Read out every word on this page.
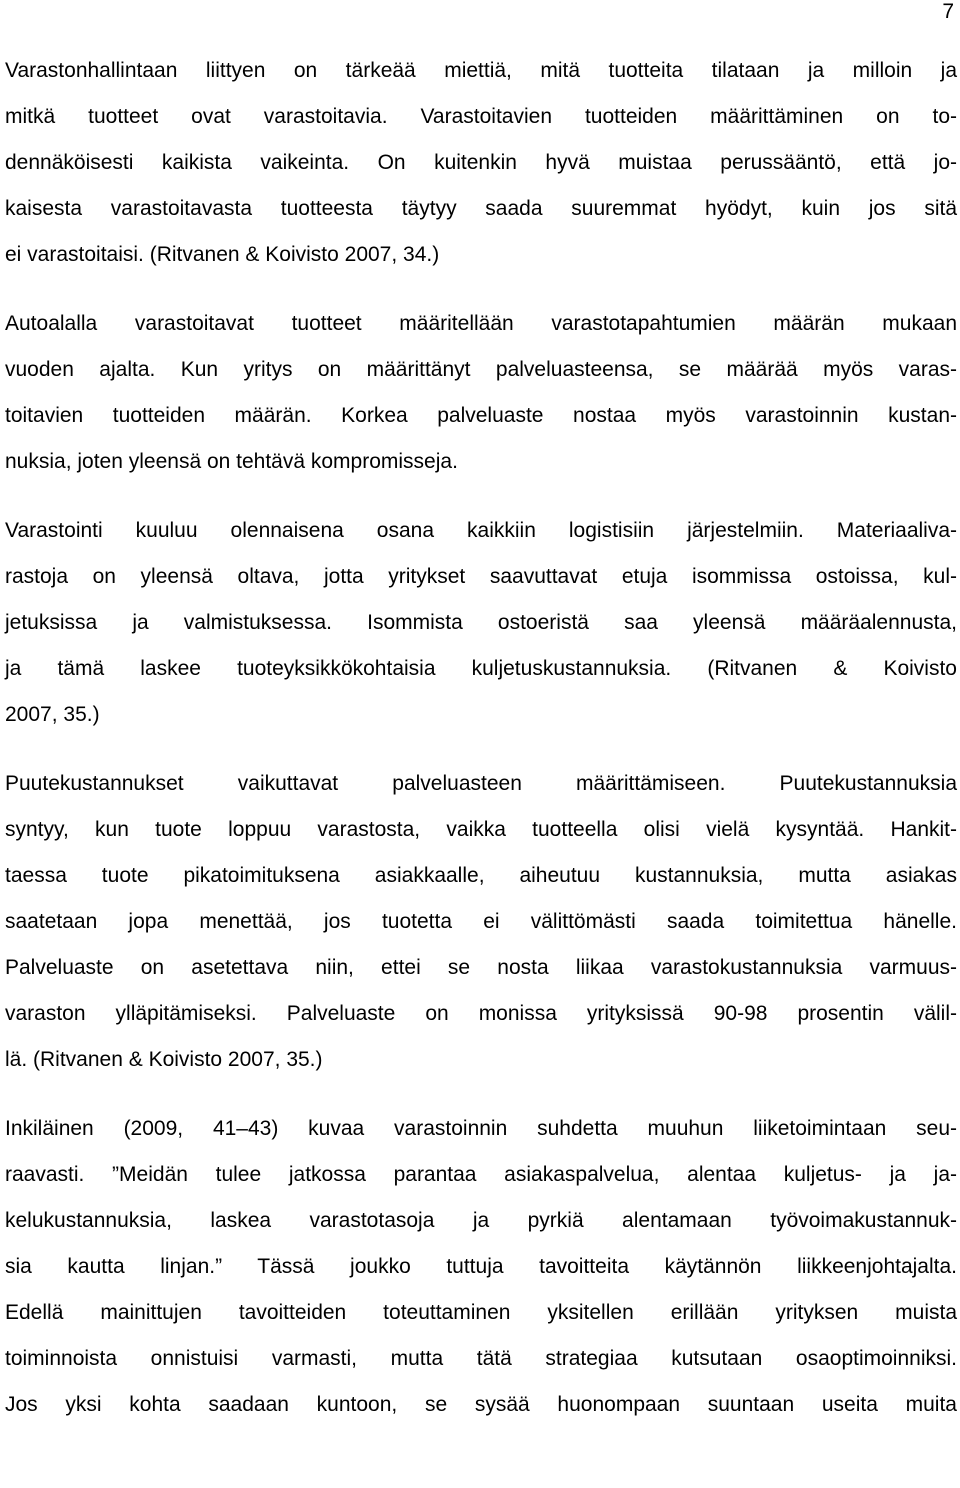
7
Varastonhallintaan liittyen on tärkeää miettiä, mitä tuotteita tilataan ja milloin ja
mitkä tuotteet ovat varastoitavia. Varastoitavien tuotteiden määrittäminen on to-
dennäköisesti kaikista vaikeinta. On kuitenkin hyvä muistaa perussääntö, että jo-
kaisesta varastoitavasta tuotteesta täytyy saada suuremmat hyödyt, kuin jos sitä
ei varastoitaisi. (Ritvanen & Koivisto 2007, 34.)
Autoalalla varastoitavat tuotteet määritellään varastotapahtumien määrän mukaan
vuoden ajalta. Kun yritys on määrittänyt palveluasteensa, se määrää myös varas-
toitavien tuotteiden määrän. Korkea palveluaste nostaa myös varastoinnin kustan-
nuksia, joten yleensä on tehtävä kompromisseja.
Varastointi kuuluu olennaisena osana kaikkiin logistisiin järjestelmiin. Materiaaliva-
rastoja on yleensä oltava, jotta yritykset saavuttavat etuja isommissa ostoissa, kul-
jetuksissa ja valmistuksessa. Isommista ostoeristä saa yleensä määräalennusta,
ja tämä laskee tuoteyksikkökohtaisia kuljetuskustannuksia. (Ritvanen & Koivisto
2007, 35.)
Puutekustannukset vaikuttavat palveluasteen määrittämiseen. Puutekustannuksia
syntyy, kun tuote loppuu varastosta, vaikka tuotteella olisi vielä kysyntää. Hankit-
taessa tuote pikatoimituksena asiakkaalle, aiheutuu kustannuksia, mutta asiakas
saatetaan jopa menettää, jos tuotetta ei välittömästi saada toimitettua hänelle.
Palveluaste on asetettava niin, ettei se nosta liikaa varastokustannuksia varmuus-
varaston ylläpitämiseksi. Palveluaste on monissa yrityksissä 90-98 prosentin välil-
lä. (Ritvanen & Koivisto 2007, 35.)
Inkiläinen (2009, 41–43) kuvaa varastoinnin suhdetta muuhun liiketoimintaan seu-
raavasti. ”Meidän tulee jatkossa parantaa asiakaspalvelua, alentaa kuljetus- ja ja-
kelukustannuksia, laskea varastotasoja ja pyrkiä alentamaan työvoimakustannuk-
sia kautta linjan.” Tässä joukko tuttuja tavoitteita käytännön liikkeenjohtajalta.
Edellä mainittujen tavoitteiden toteuttaminen yksitellen erillään yrityksen muista
toiminnoista onnistuisi varmasti, mutta tätä strategiaa kutsutaan osaoptimoinniksi.
Jos yksi kohta saadaan kuntoon, se sysää huonompaan suuntaan useita muita
